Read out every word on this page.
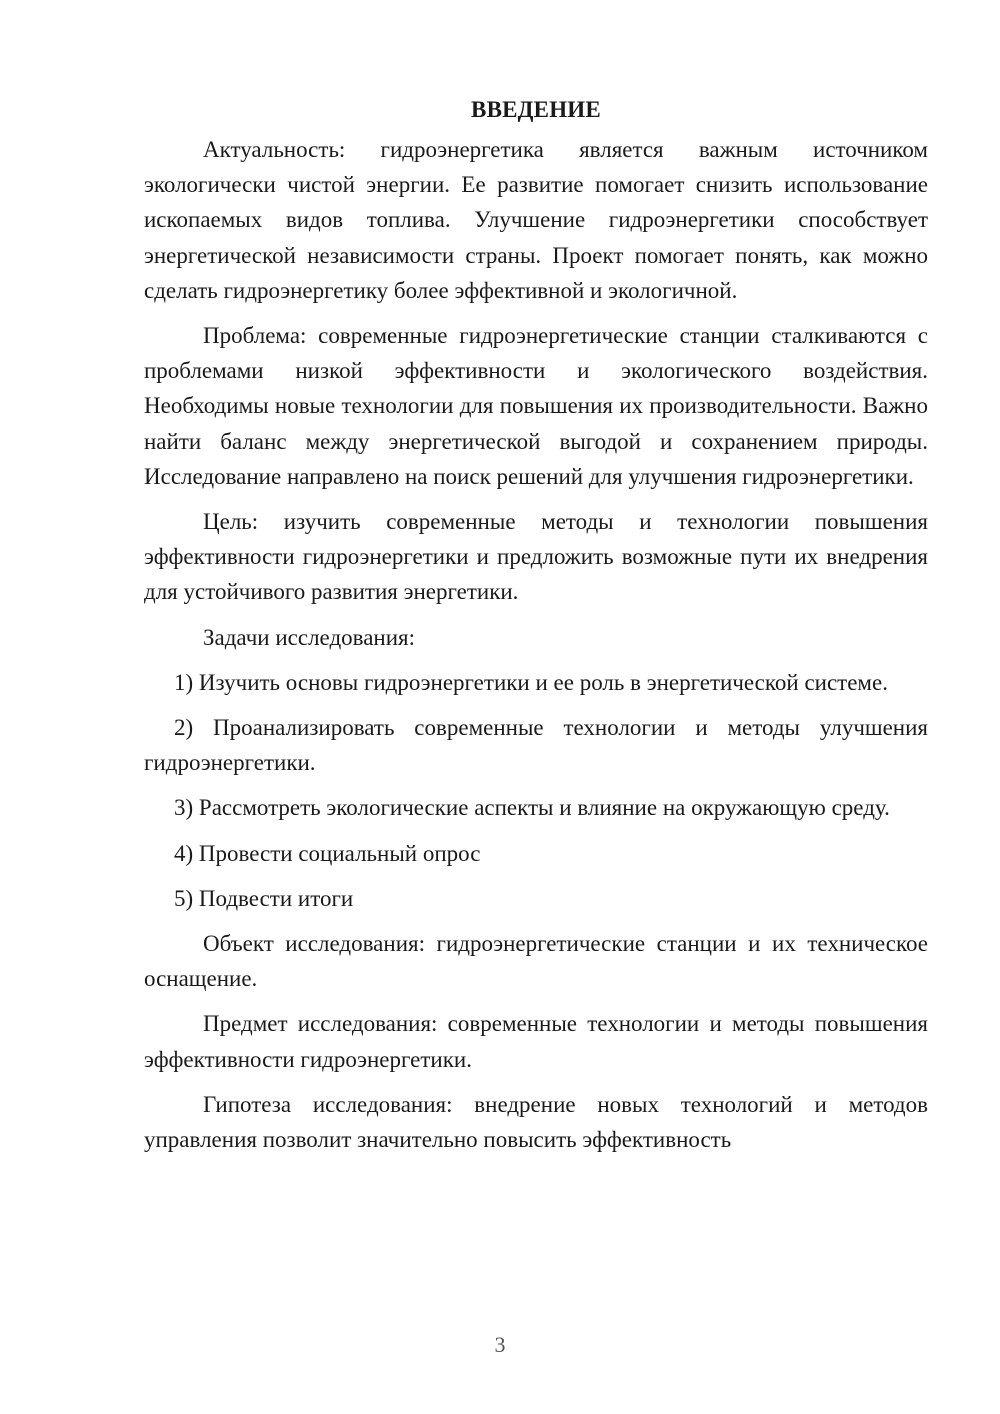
ВВЕДЕНИЕ

Актуальность: гидроэнергетика является важным источником экологически чистой энергии. Ее развитие помогает снизить использование ископаемых видов топлива. Улучшение гидроэнергетики способствует энергетической независимости страны. Проект помогает понять, как можно сделать гидроэнергетику более эффективной и экологичной.

Проблема: современные гидроэнергетические станции сталкиваются с проблемами низкой эффективности и экологического воздействия. Необходимы новые технологии для повышения их производительности. Важно найти баланс между энергетической выгодой и сохранением природы. Исследование направлено на поиск решений для улучшения гидроэнергетики.

Цель: изучить современные методы и технологии повышения эффективности гидроэнергетики и предложить возможные пути их внедрения для устойчивого развития энергетики.

Задачи исследования:

1) Изучить основы гидроэнергетики и ее роль в энергетической системе.

2) Проанализировать современные технологии и методы улучшения гидроэнергетики.

3) Рассмотреть экологические аспекты и влияние на окружающую среду.

4) Провести социальный опрос

5) Подвести итоги

Объект исследования: гидроэнергетические станции и их техническое оснащение.

Предмет исследования: современные технологии и методы повышения эффективности гидроэнергетики.

Гипотеза исследования: внедрение новых технологий и методов управления позволит значительно повысить эффективность

3
